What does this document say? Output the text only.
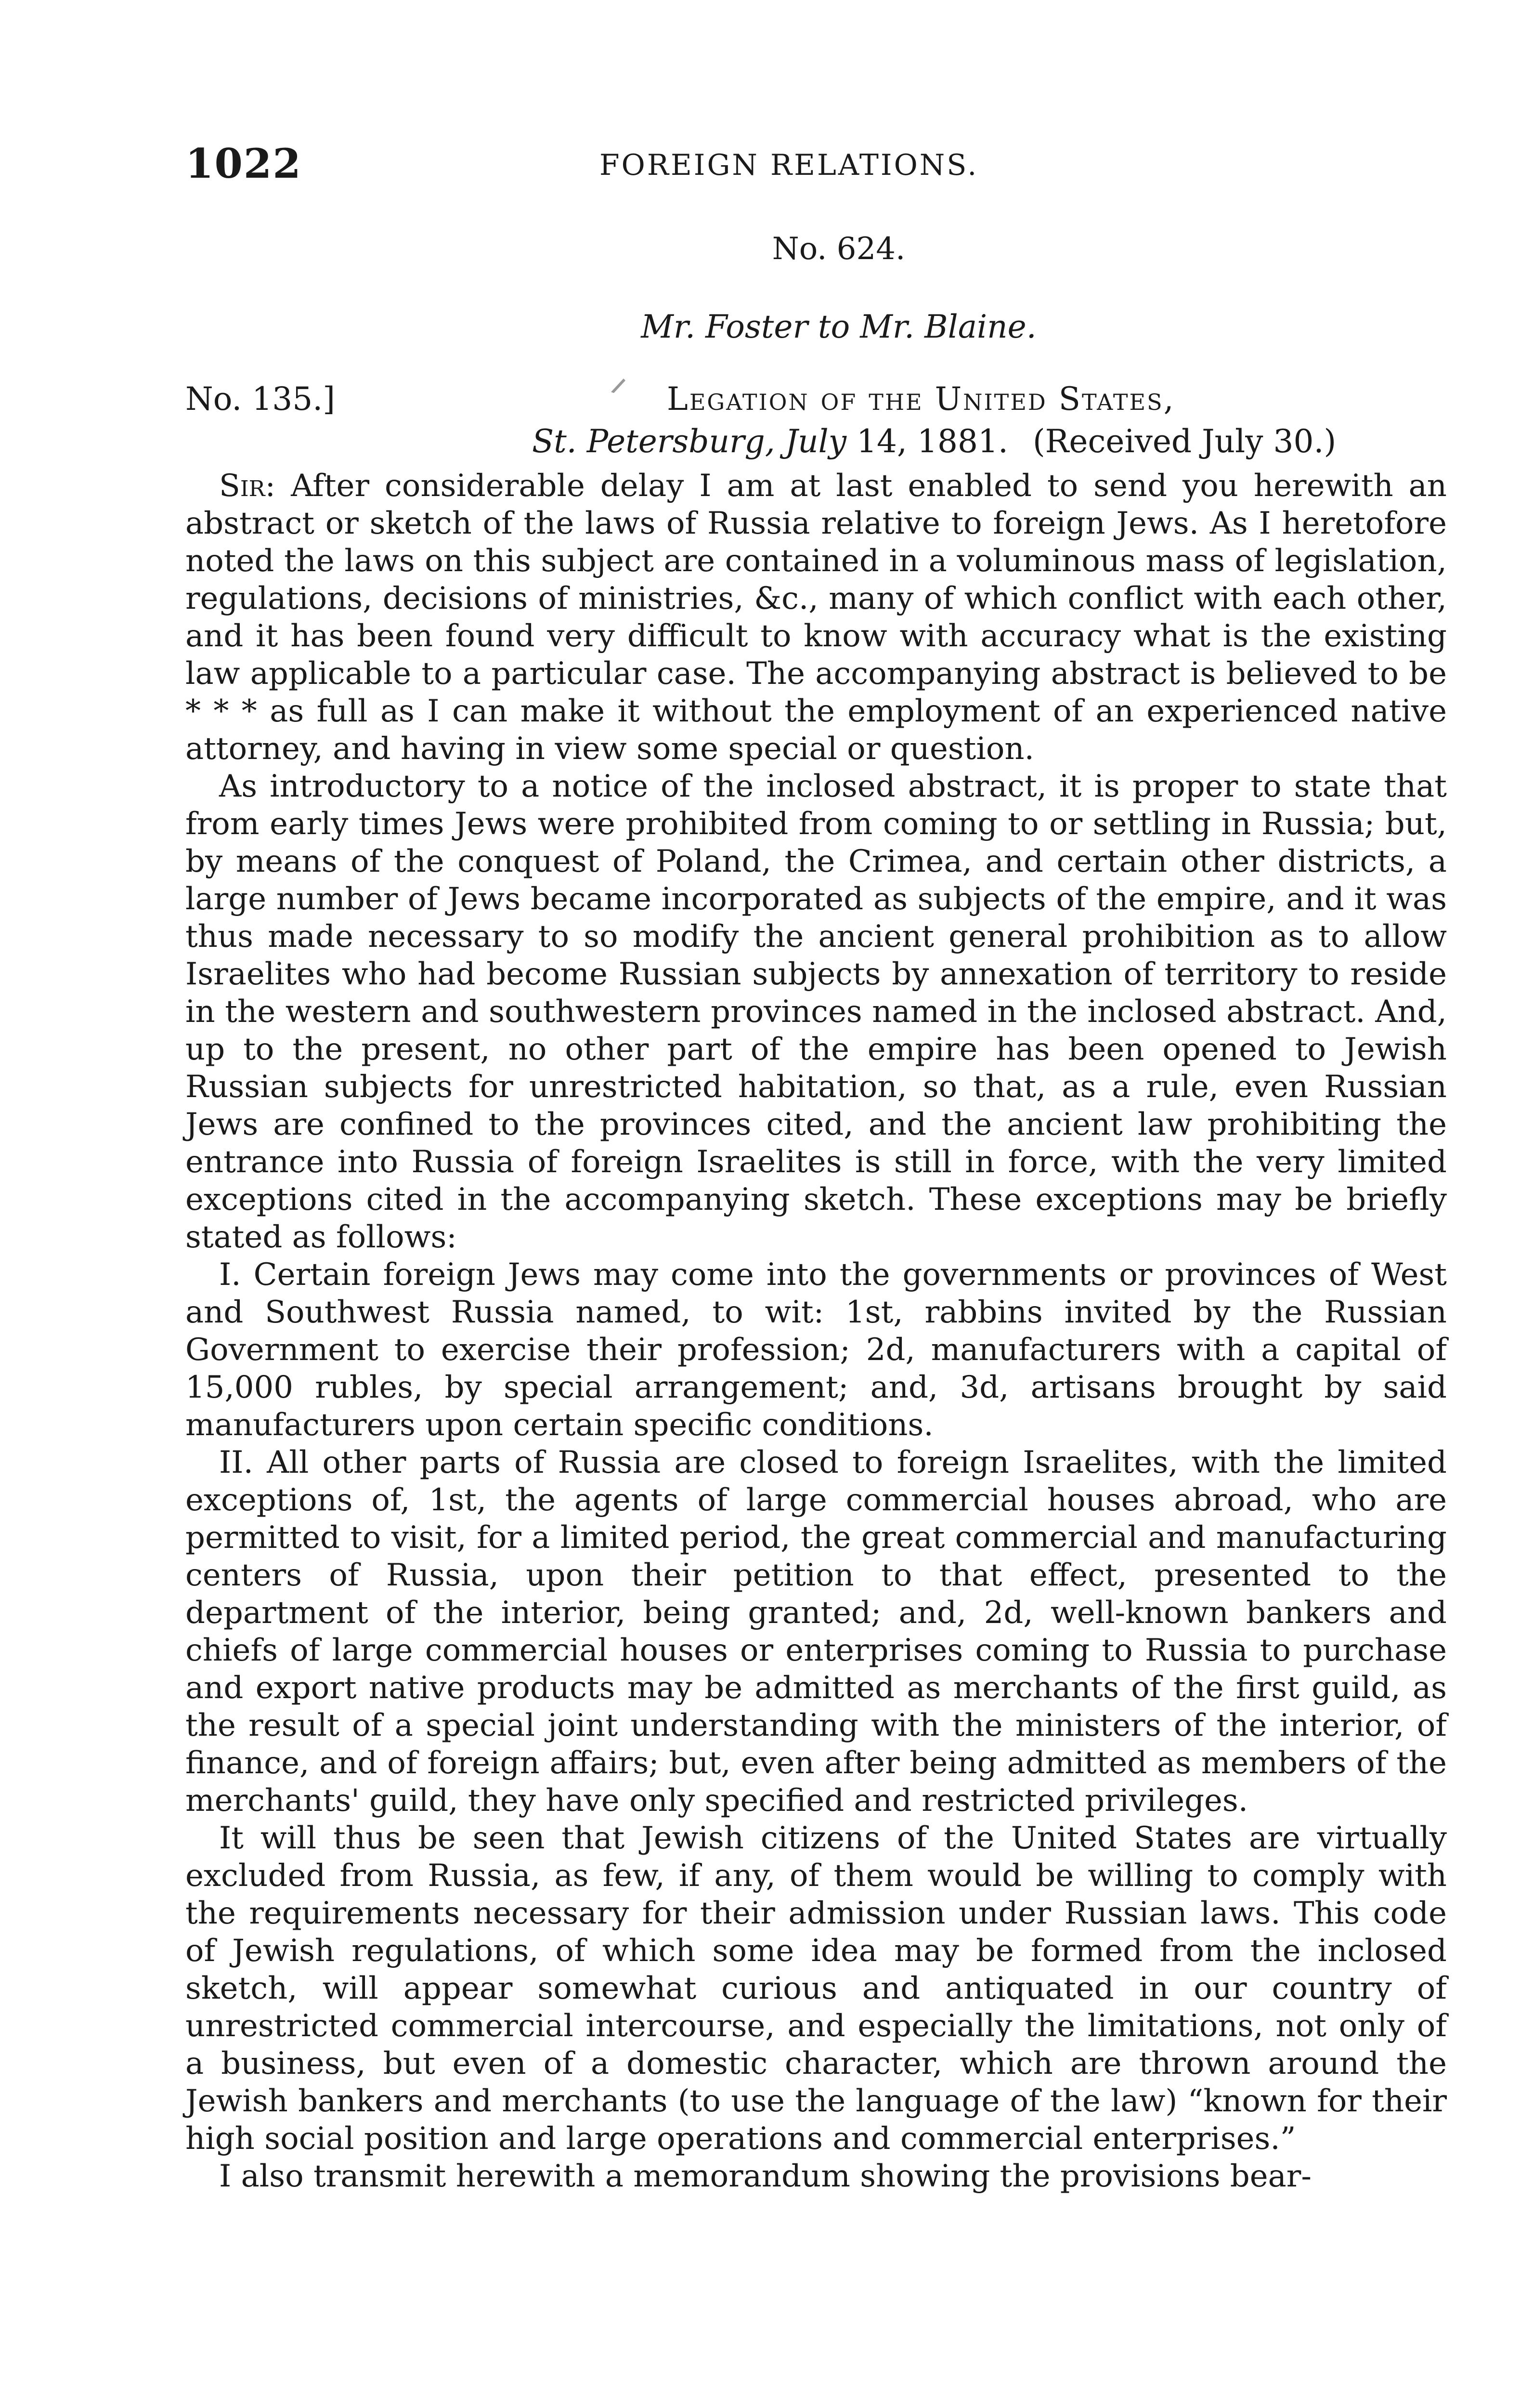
1022	FOREIGN RELATIONS.
No. 624.
Mr. Foster to Mr. Blaine.
No. 135.]	Legation of the United States,
St. Petersburg, July 14, 1881. (Received July 30.)

Sir: After considerable delay I am at last enabled to send you herewith an abstract or sketch of the laws of Russia relative to foreign Jews. As I heretofore noted the laws on this subject are contained in a voluminous mass of legislation, regulations, decisions of ministries, &c., many of which conflict with each other, and it has been found very difficult to know with accuracy what is the existing law applicable to a particular case. The accompanying abstract is believed to be * * * as full as I can make it without the employment of an experienced native attorney, and having in view some special or question.

As introductory to a notice of the inclosed abstract, it is proper to state that from early times Jews were prohibited from coming to or settling in Russia; but, by means of the conquest of Poland, the Crimea, and certain other districts, a large number of Jews became incorporated as subjects of the empire, and it was thus made necessary to so modify the ancient general prohibition as to allow Israelites who had become Russian subjects by annexation of territory to reside in the western and southwestern provinces named in the inclosed abstract. And, up to the present, no other part of the empire has been opened to Jewish Russian subjects for unrestricted habitation, so that, as a rule, even Russian Jews are confined to the provinces cited, and the ancient law prohibiting the entrance into Russia of foreign Israelites is still in force, with the very limited exceptions cited in the accompanying sketch. These exceptions may be briefly stated as follows:

I. Certain foreign Jews may come into the governments or provinces of West and Southwest Russia named, to wit: 1st, rabbins invited by the Russian Government to exercise their profession; 2d, manufacturers with a capital of 15,000 rubles, by special arrangement; and, 3d, artisans brought by said manufacturers upon certain specific conditions.

II. All other parts of Russia are closed to foreign Israelites, with the limited exceptions of, 1st, the agents of large commercial houses abroad, who are permitted to visit, for a limited period, the great commercial and manufacturing centers of Russia, upon their petition to that effect, presented to the department of the interior, being granted; and, 2d, well-known bankers and chiefs of large commercial houses or enterprises coming to Russia to purchase and export native products may be admitted as merchants of the first guild, as the result of a special joint understanding with the ministers of the interior, of finance, and of foreign affairs; but, even after being admitted as members of the merchants' guild, they have only specified and restricted privileges.

It will thus be seen that Jewish citizens of the United States are virtually excluded from Russia, as few, if any, of them would be willing to comply with the requirements necessary for their admission under Russian laws. This code of Jewish regulations, of which some idea may be formed from the inclosed sketch, will appear somewhat curious and antiquated in our country of unrestricted commercial intercourse, and especially the limitations, not only of a business, but even of a domestic character, which are thrown around the Jewish bankers and merchants (to use the language of the law) “known for their high social position and large operations and commercial enterprises.”

I also transmit herewith a memorandum showing the provisions bear-
